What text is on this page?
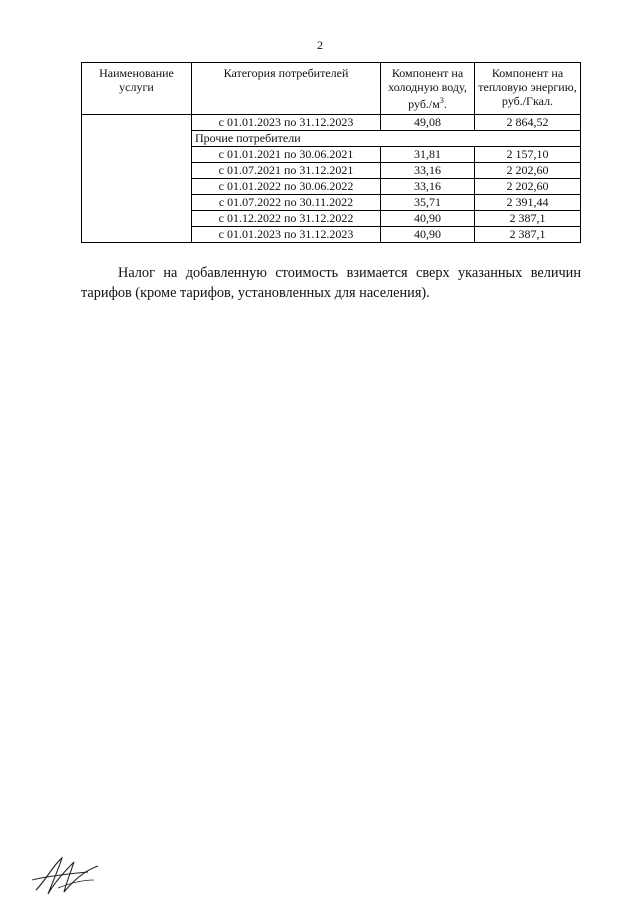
2
Наименование услуги	Категория потребителей	Компонент на холодную воду, $руб./м^3$.	Компонент на тепловую энергию, руб./Гкал.
	с 01.01.2023 по 31.12.2023	49,08	2 864,52
	Прочие потребители		
	с 01.01.2021 по 30.06.2021	31,81	2 157,10
	с 01.07.2021 по 31.12.2021	33,16	2 202,60
	с 01.01.2022 по 30.06.2022	33,16	2 202,60
	с 01.07.2022 по 30.11.2022	35,71	2 391,44
	с 01.12.2022 по 31.12.2022	40,90	2 387,1
	с 01.01.2023 по 31.12.2023	40,90	2 387,1

Налог на добавленную стоимость взимается сверх указанных величин тарифов (кроме тарифов, установленных для населения).
